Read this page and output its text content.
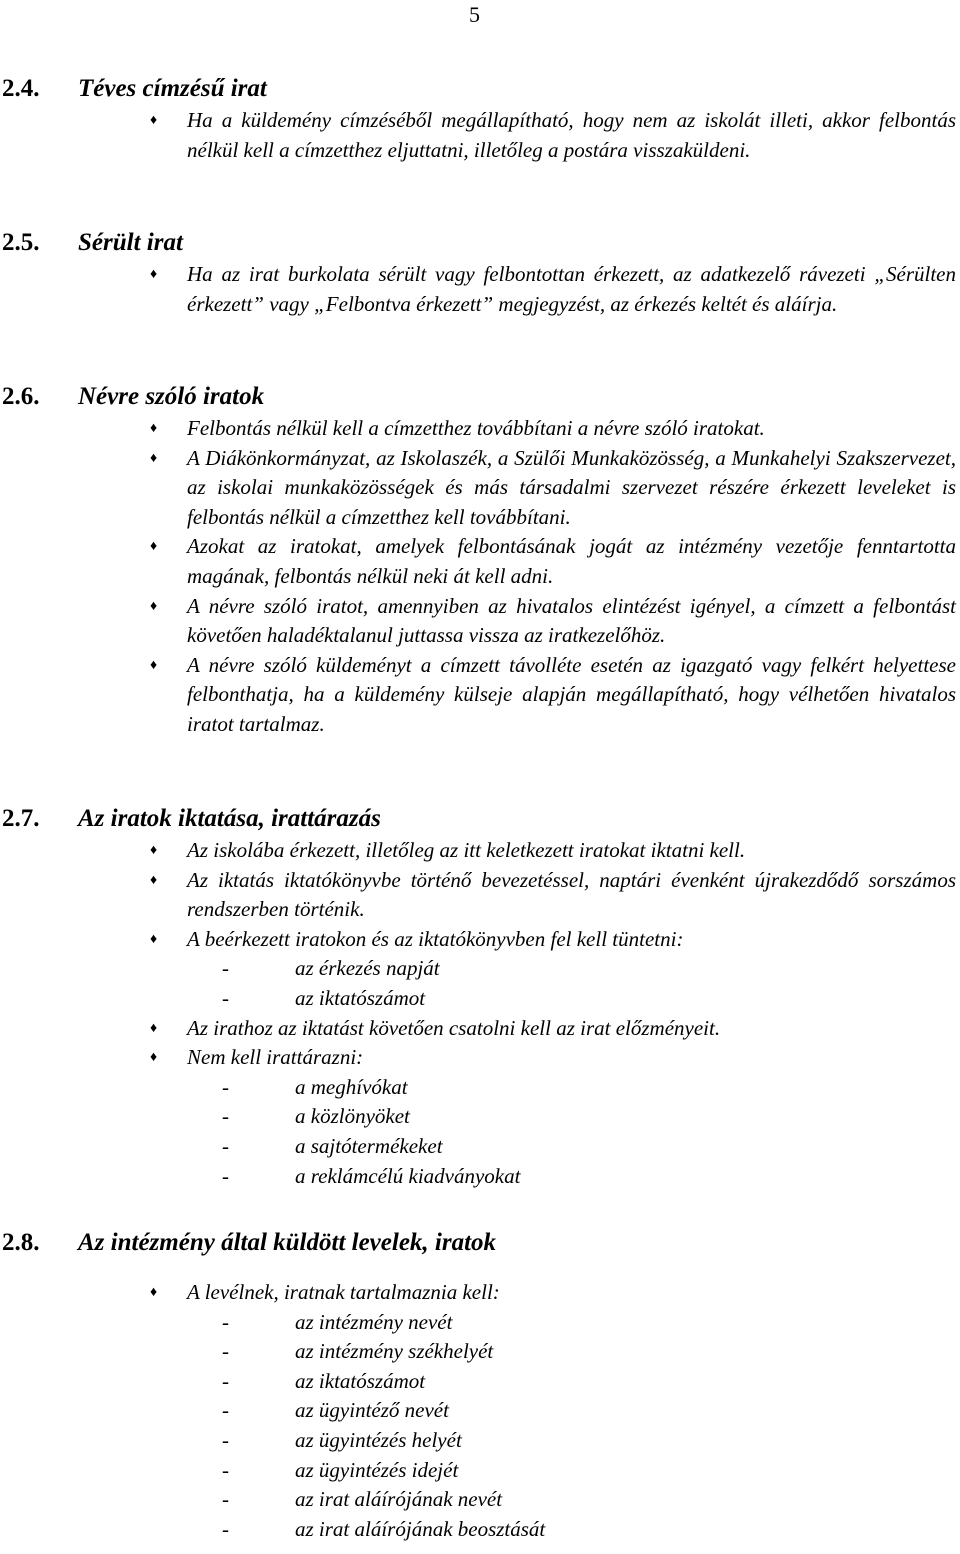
5
2.4.	Téves címzésű irat
♦ Ha a küldemény címzéséből megállapítható, hogy nem az iskolát illeti, akkor felbontás nélkül kell a címzetthez eljuttatni, illetőleg a postára visszaküldeni.
2.5.	Sérült irat
♦ Ha az irat burkolata sérült vagy felbontottan érkezett, az adatkezelő rávezeti „Sérülten érkezett” vagy „Felbontva érkezett” megjegyzést, az érkezés keltét és aláírja.
2.6.	Névre szóló iratok
♦ Felbontás nélkül kell a címzetthez továbbítani a névre szóló iratokat.
♦ A Diákönkormányzat, az Iskolaszék, a Szülői Munkaközösség, a Munkahelyi Szakszervezet, az iskolai munkaközösségek és más társadalmi szervezet részére érkezett leveleket is felbontás nélkül a címzetthez kell továbbítani.
♦ Azokat az iratokat, amelyek felbontásának jogát az intézmény vezetője fenntartotta magának, felbontás nélkül neki át kell adni.
♦ A névre szóló iratot, amennyiben az hivatalos elintézést igényel, a címzett a felbontást követően haladéktalanul juttassa vissza az iratkezelőhöz.
♦ A névre szóló küldeményt a címzett távolléte esetén az igazgató vagy felkért helyettese felbonthatja, ha a küldemény külseje alapján megállapítható, hogy vélhetően hivatalos iratot tartalmaz.
2.7.	Az iratok iktatása, irattárazás
♦ Az iskolába érkezett, illetőleg az itt keletkezett iratokat iktatni kell.
♦ Az iktatás iktatókönyvbe történő bevezetéssel, naptári évenként újrakezdődő sorszámos rendszerben történik.
♦ A beérkezett iratokon és az iktatókönyvben fel kell tüntetni:
-	az érkezés napját
-	az iktatószámot
♦ Az irathoz az iktatást követően csatolni kell az irat előzményeit.
♦ Nem kell irattárazni:
-	a meghívókat
-	a közlönyöket
-	a sajtótermékeket
-	a reklámcélú kiadványokat
2.8.	Az intézmény által küldött levelek, iratok
♦ A levélnek, iratnak tartalmaznia kell:
-	az intézmény nevét
-	az intézmény székhelyét
-	az iktatószámot
-	az ügyintéző nevét
-	az ügyintézés helyét
-	az ügyintézés idejét
-	az irat aláírójának nevét
-	az irat aláírójának beosztását
